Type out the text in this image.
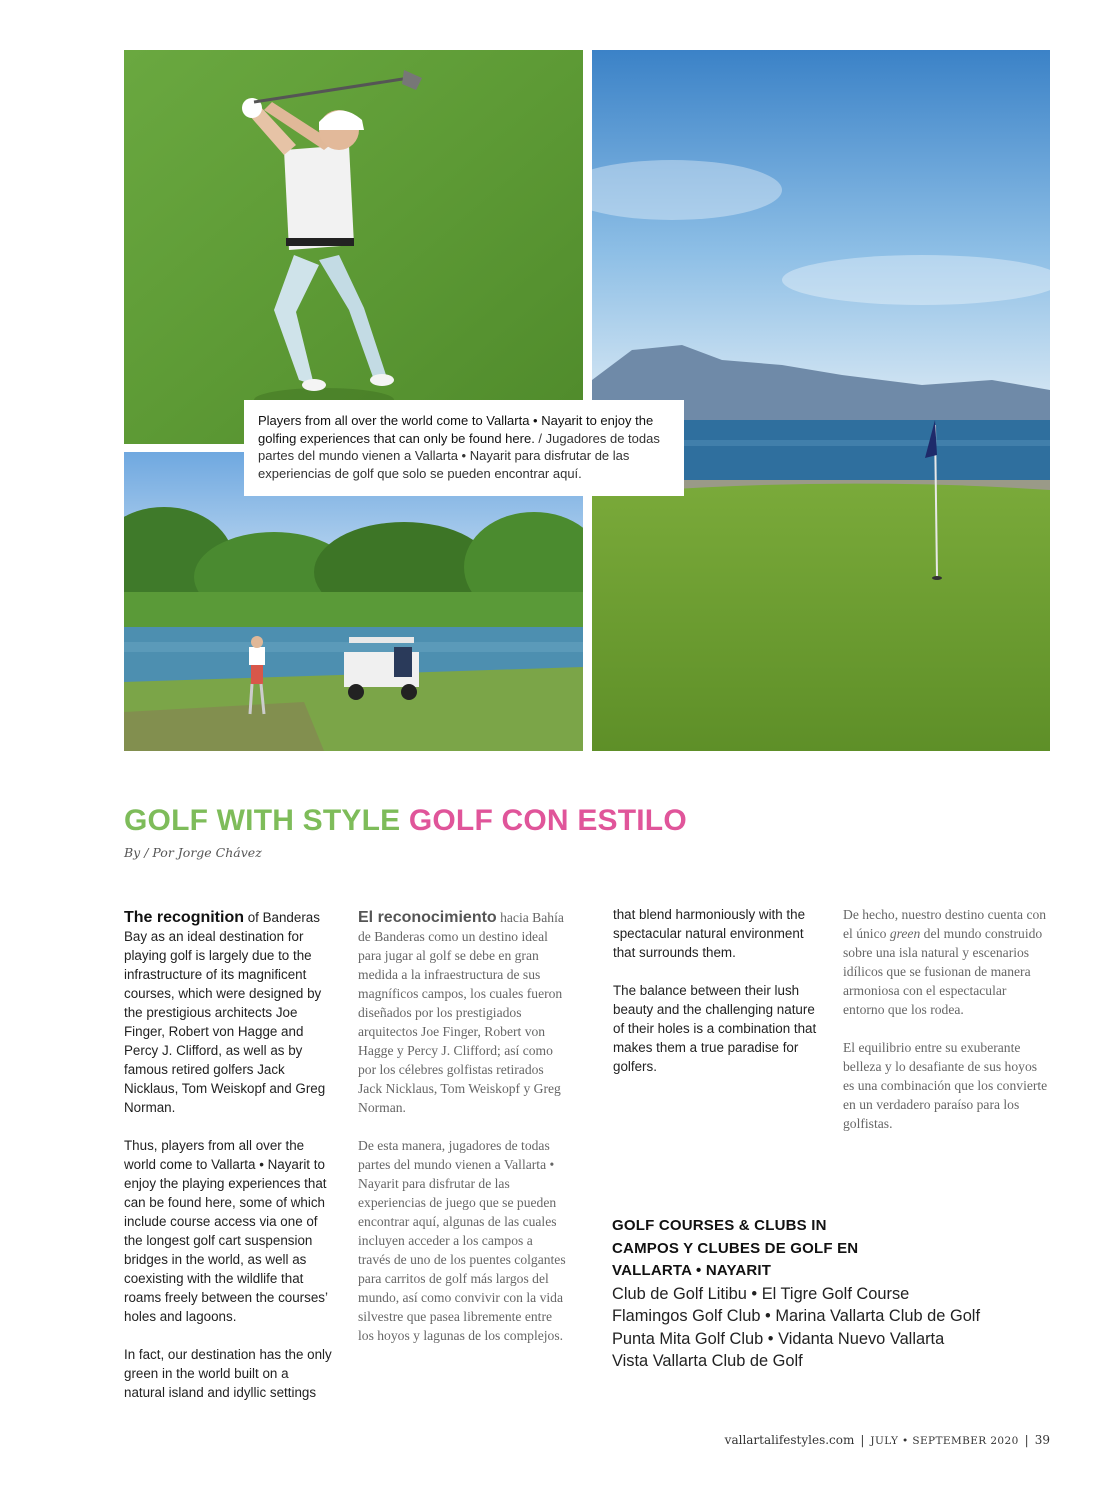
Players from all over the world come to Vallarta • Nayarit to enjoy the golfing experiences that can only be found here. / Jugadores de todas partes del mundo vienen a Vallarta • Nayarit para disfrutar de las experiencias de golf que solo se pueden encontrar aquí.
GOLF WITH STYLE GOLF CON ESTILO
By / Por Jorge Chávez

The recognition of Banderas Bay as an ideal destination for playing golf is largely due to the infrastructure of its magnificent courses, which were designed by the prestigious architects Joe Finger, Robert von Hagge and Percy J. Clifford, as well as by famous retired golfers Jack Nicklaus, Tom Weiskopf and Greg Norman.

Thus, players from all over the world come to Vallarta • Nayarit to enjoy the playing experiences that can be found here, some of which include course access via one of the longest golf cart suspension bridges in the world, as well as coexisting with the wildlife that roams freely between the courses’ holes and lagoons.

In fact, our destination has the only green in the world built on a natural island and idyllic settings

El reconocimiento hacia Bahía de Banderas como un destino ideal para jugar al golf se debe en gran medida a la infraestructura de sus magníficos campos, los cuales fueron diseñados por los prestigiados arquitectos Joe Finger, Robert von Hagge y Percy J. Clifford; así como por los célebres golfistas retirados Jack Nicklaus, Tom Weiskopf y Greg Norman.

De esta manera, jugadores de todas partes del mundo vienen a Vallarta • Nayarit para disfrutar de las experiencias de juego que se pueden encontrar aquí, algunas de las cuales incluyen acceder a los campos a través de uno de los puentes colgantes para carritos de golf más largos del mundo, así como convivir con la vida silvestre que pasea libremente entre los hoyos y lagunas de los complejos.

that blend harmoniously with the spectacular natural environment that surrounds them.

The balance between their lush beauty and the challenging nature of their holes is a combination that makes them a true paradise for golfers.

De hecho, nuestro destino cuenta con el único green del mundo construido sobre una isla natural y escenarios idílicos que se fusionan de manera armoniosa con el espectacular entorno que los rodea.

El equilibrio entre su exuberante belleza y lo desafiante de sus hoyos es una combinación que los convierte en un verdadero paraíso para los golfistas.

GOLF COURSES & CLUBS IN
CAMPOS Y CLUBES DE GOLF EN
VALLARTA • NAYARIT
Club de Golf Litibu • El Tigre Golf Course
Flamingos Golf Club • Marina Vallarta Club de Golf
Punta Mita Golf Club • Vidanta Nuevo Vallarta
Vista Vallarta Club de Golf
vallartalifestyles.com | JULY • SEPTEMBER 2020 | 39
